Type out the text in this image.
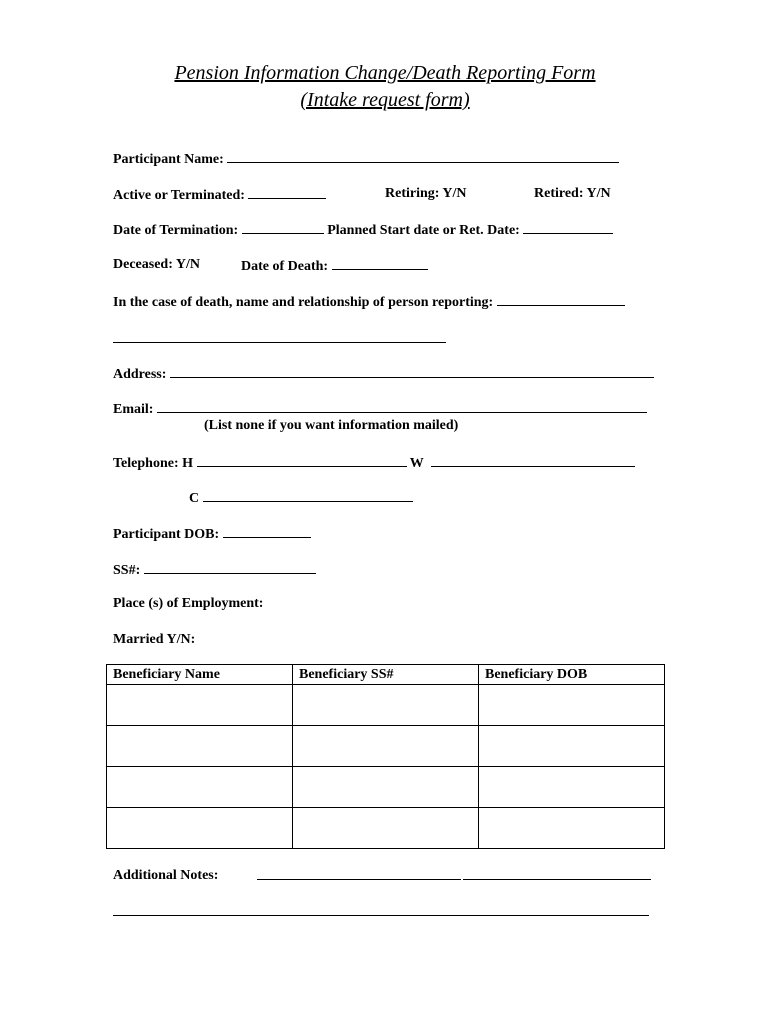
Pension Information Change/Death Reporting Form
(Intake request form)
Participant Name:
Active or Terminated:	Retiring: Y/N	Retired: Y/N
Date of Termination:	Planned Start date or Ret. Date:
Deceased: Y/N	Date of Death:
In the case of death, name and relationship of person reporting:
Address:
Email:
(List none if you want information mailed)
Telephone: H	W
C
Participant DOB:
SS#:
Place (s) of Employment:
Married Y/N:
Beneficiary Name	Beneficiary SS#	Beneficiary DOB

Additional Notes:
